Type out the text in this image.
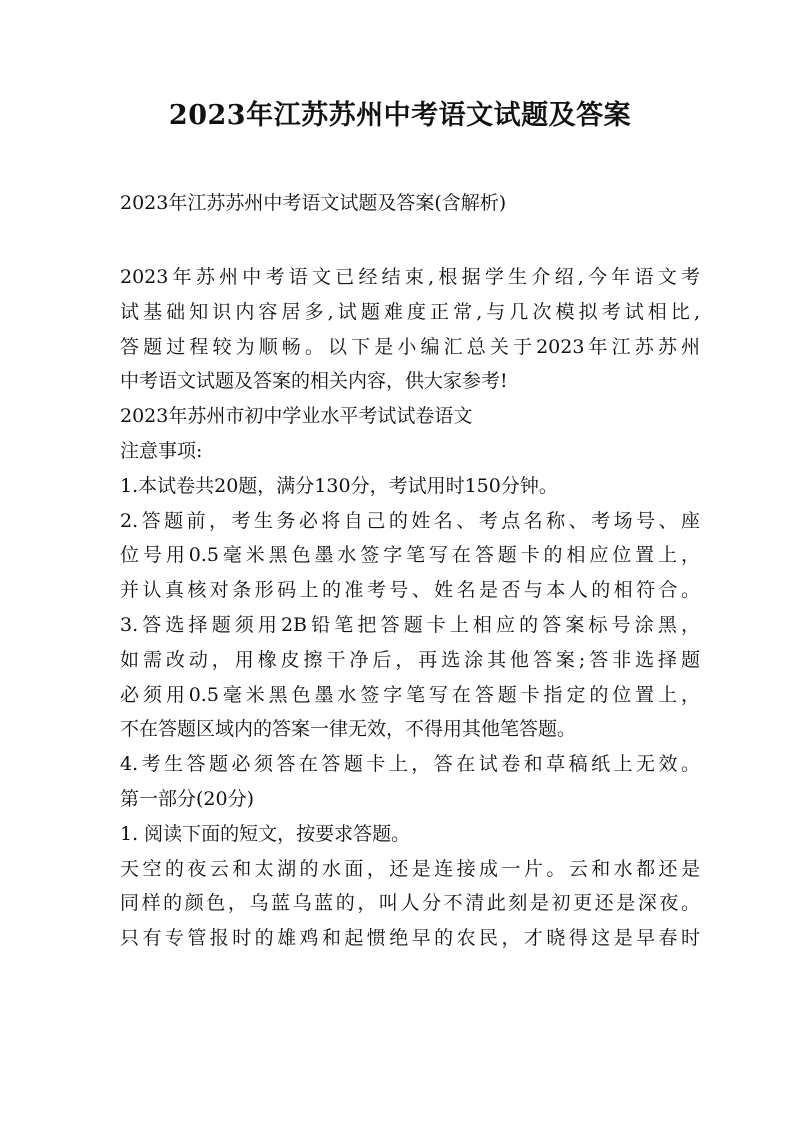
2023年江苏苏州中考语文试题及答案

2023年江苏苏州中考语文试题及答案(含解析)

2023年苏州中考语文已经结束,根据学生介绍,今年语文考
试基础知识内容居多,试题难度正常,与几次模拟考试相比,
答题过程较为顺畅。以下是小编汇总关于2023年江苏苏州
中考语文试题及答案的相关内容，供大家参考!
2023年苏州市初中学业水平考试试卷语文
注意事项:
1.本试卷共20题，满分130分，考试用时150分钟。
2.答题前，考生务必将自己的姓名、考点名称、考场号、座
位号用0.5毫米黑色墨水签字笔写在答题卡的相应位置上，
并认真核对条形码上的准考号、姓名是否与本人的相符合。
3.答选择题须用2B铅笔把答题卡上相应的答案标号涂黑，
如需改动，用橡皮擦干净后，再选涂其他答案;答非选择题
必须用0.5毫米黑色墨水签字笔写在答题卡指定的位置上，
不在答题区域内的答案一律无效，不得用其他笔答题。
4.考生答题必须答在答题卡上，答在试卷和草稿纸上无效。
第一部分(20分)
1. 阅读下面的短文，按要求答题。
天空的夜云和太湖的水面，还是连接成一片。云和水都还是
同样的颜色，乌蓝乌蓝的，叫人分不清此刻是初更还是深夜。
只有专管报时的雄鸡和起惯绝早的农民，才晓得这是早春时
